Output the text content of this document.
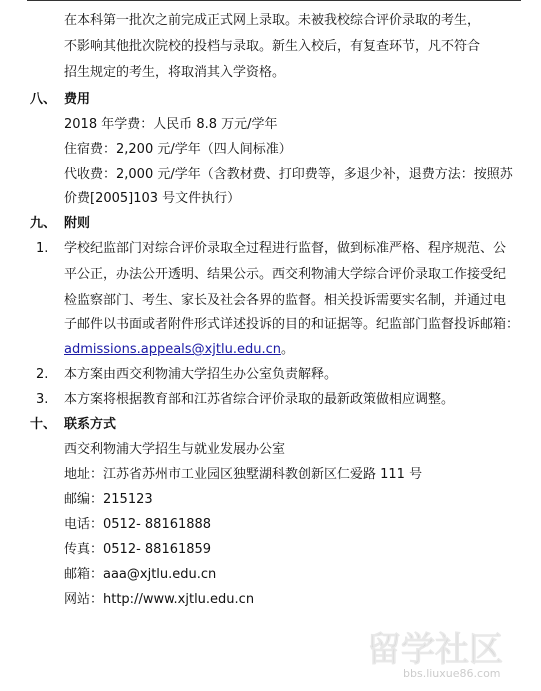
在本科第一批次之前完成正式网上录取。未被我校综合评价录取的考生，
不影响其他批次院校的投档与录取。新生入校后，有复查环节，凡不符合
招生规定的考生，将取消其入学资格。
八、 费用
2018 年学费：人民币 8.8 万元/学年
住宿费：2,200 元/学年（四人间标准）
代收费：2,000 元/学年（含教材费、打印费等，多退少补，退费方法：按照苏
价费[2005]103 号文件执行）
九、 附则
1. 学校纪监部门对综合评价录取全过程进行监督，做到标准严格、程序规范、公
平公正，办法公开透明、结果公示。西交利物浦大学综合评价录取工作接受纪
检监察部门、考生、家长及社会各界的监督。相关投诉需要实名制，并通过电
子邮件以书面或者附件形式详述投诉的目的和证据等。纪监部门监督投诉邮箱：
admissions.appeals@xjtlu.edu.cn。
2. 本方案由西交利物浦大学招生办公室负责解释。
3. 本方案将根据教育部和江苏省综合评价录取的最新政策做相应调整。
十、 联系方式
西交利物浦大学招生与就业发展办公室
地址：江苏省苏州市工业园区独墅湖科教创新区仁爱路 111 号
邮编：215123
电话：0512- 88161888
传真：0512- 88161859
邮箱：aaa@xjtlu.edu.cn
网站：http://www.xjtlu.edu.cn
留学社区
bbs.liuxue86.com
